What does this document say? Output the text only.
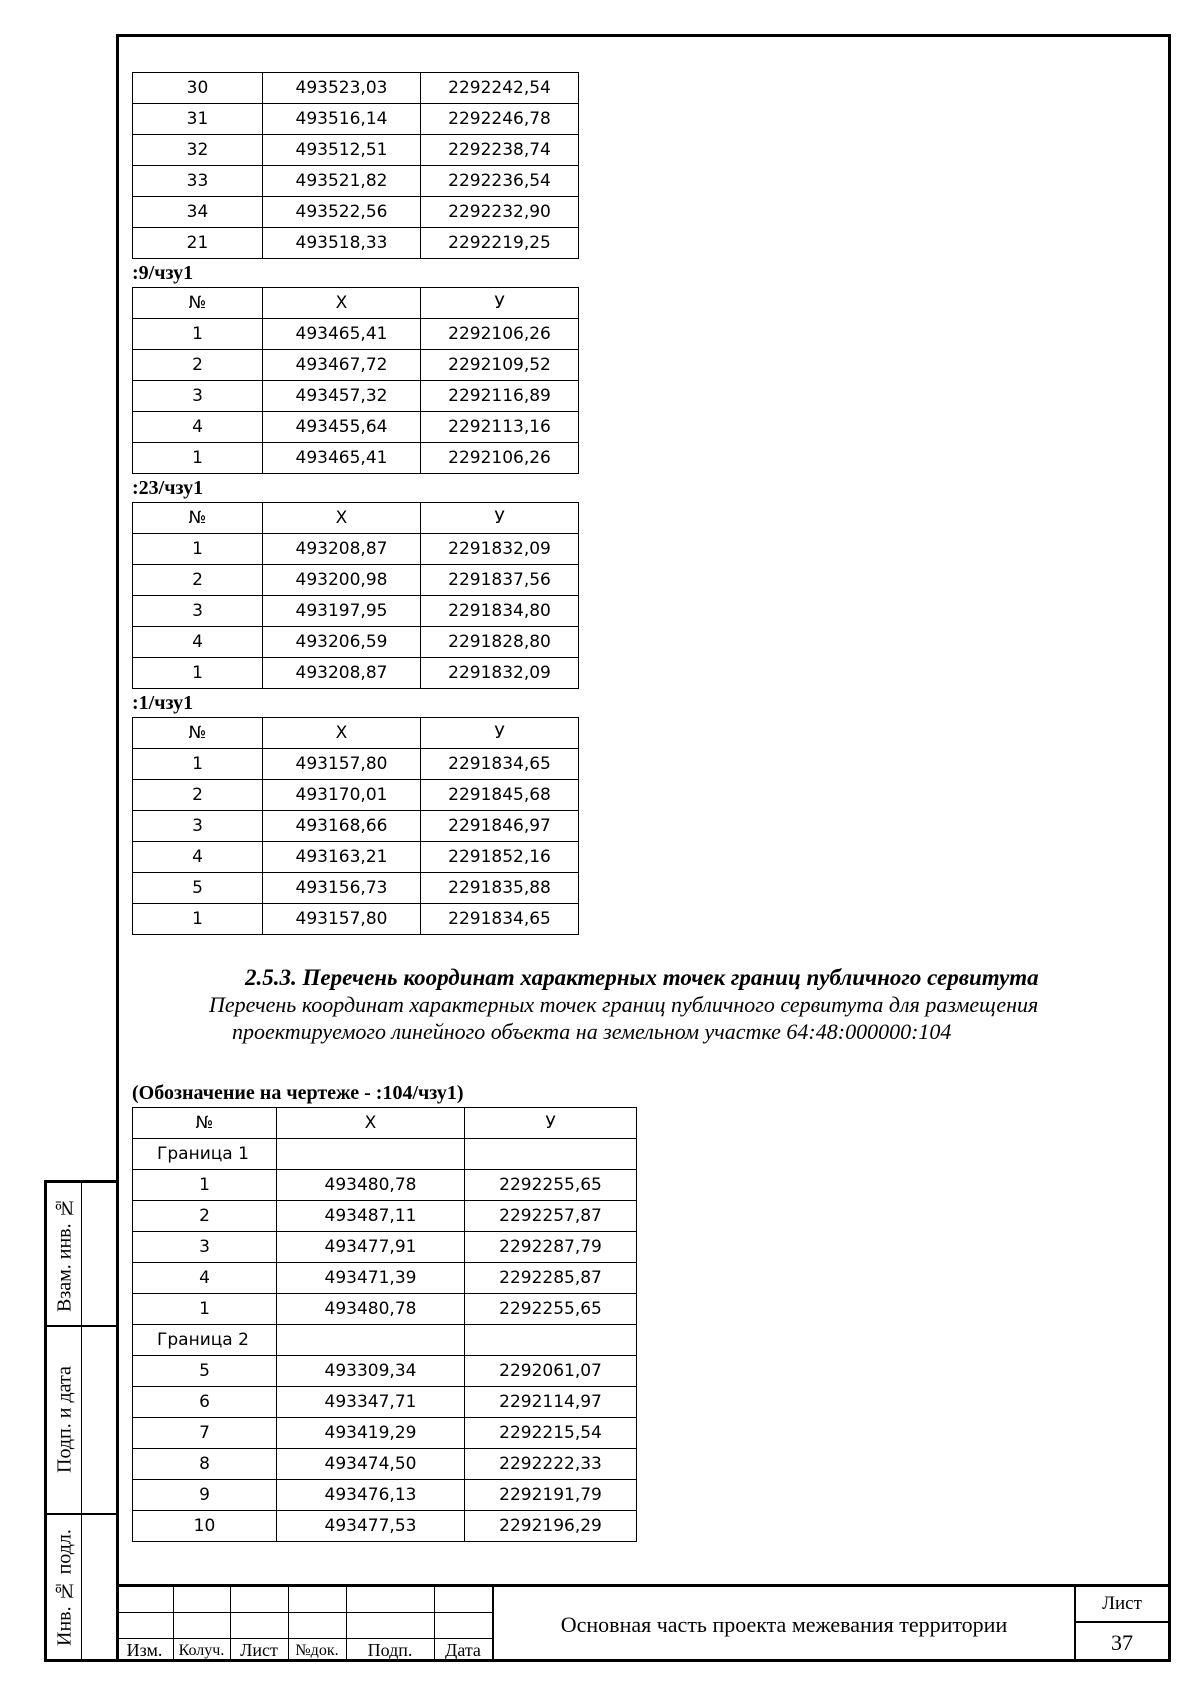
Взам. инв. №
Подп. и дата
Инв. № подл.
30	493523,03	2292242,54
31	493516,14	2292246,78
32	493512,51	2292238,74
33	493521,82	2292236,54
34	493522,56	2292232,90
21	493518,33	2292219,25
:9/чзу1
№	Х	У
1	493465,41	2292106,26
2	493467,72	2292109,52
3	493457,32	2292116,89
4	493455,64	2292113,16
1	493465,41	2292106,26
:23/чзу1
№	Х	У
1	493208,87	2291832,09
2	493200,98	2291837,56
3	493197,95	2291834,80
4	493206,59	2291828,80
1	493208,87	2291832,09
:1/чзу1
№	Х	У
1	493157,80	2291834,65
2	493170,01	2291845,68
3	493168,66	2291846,97
4	493163,21	2291852,16
5	493156,73	2291835,88
1	493157,80	2291834,65
2.5.3. Перечень координат характерных точек границ публичного сервитута
Перечень координат характерных точек границ публичного сервитута для размещения
проектируемого линейного объекта на земельном участке 64:48:000000:104
(Обозначение на чертеже - :104/чзу1)
№	Х	У
Граница 1		
1	493480,78	2292255,65
2	493487,11	2292257,87
3	493477,91	2292287,79
4	493471,39	2292285,87
1	493480,78	2292255,65
Граница 2		
5	493309,34	2292061,07
6	493347,71	2292114,97
7	493419,29	2292215,54
8	493474,50	2292222,33
9	493476,13	2292191,79
10	493477,53	2292196,29
Изм.	Колуч. Лист	№док.	Подп.	Дата
Основная часть проекта межевания территории
Лист
37
